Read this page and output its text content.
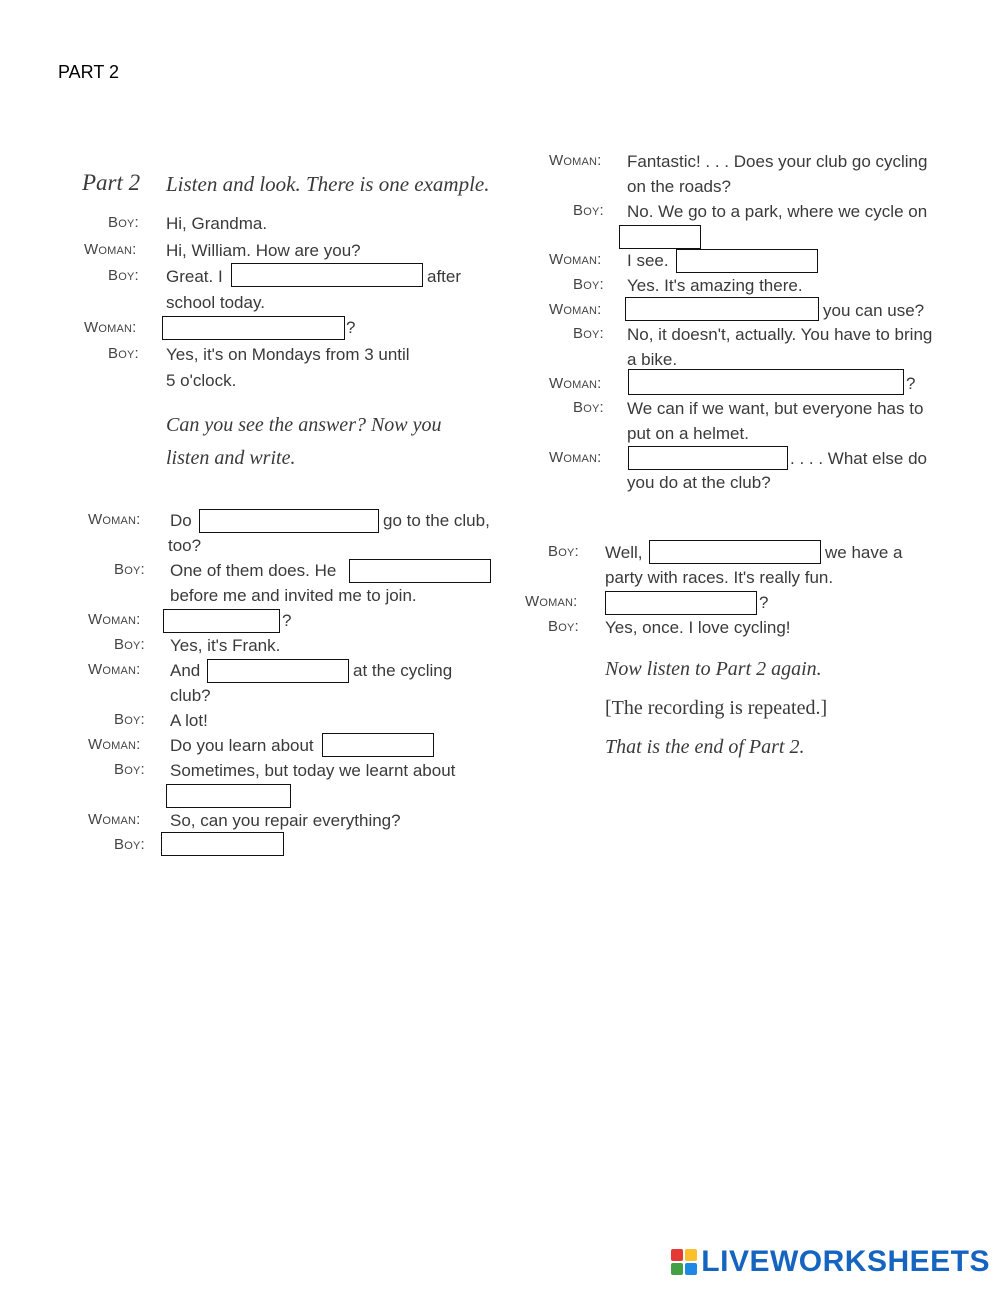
PART 2
Part 2 Listen and look. There is one example.
Boy: Hi, Grandma.
Woman: Hi, William. How are you?
Boy: Great. I	after
school today.
Woman:	?
Boy: Yes, it's on Mondays from 3 until
5 o'clock.
Can you see the answer? Now you
listen and write.
Woman: Do	go to the club,
too?
Boy: One of them does. He
before me and invited me to join.
Woman:	?
Boy: Yes, it's Frank.
Woman: And	at the cycling
club?
Boy: A lot!
Woman: Do you learn about
Boy: Sometimes, but today we learnt about
Woman: So, can you repair everything?
Boy:
Woman: Fantastic! . . . Does your club go cycling
on the roads?
Boy: No. We go to a park, where we cycle on
Woman: I see.
Boy: Yes. It's amazing there.
Woman:	you can use?
Boy: No, it doesn't, actually. You have to bring
a bike.
Woman:	?
Boy: We can if we want, but everyone has to
put on a helmet.
Woman:	. . . . What else do
you do at the club?
Boy: Well,	we have a
party with races. It's really fun.
Woman:	?
Boy: Yes, once. I love cycling!
Now listen to Part 2 again.
[The recording is repeated.]
That is the end of Part 2.
LIVEWORKSHEETS
